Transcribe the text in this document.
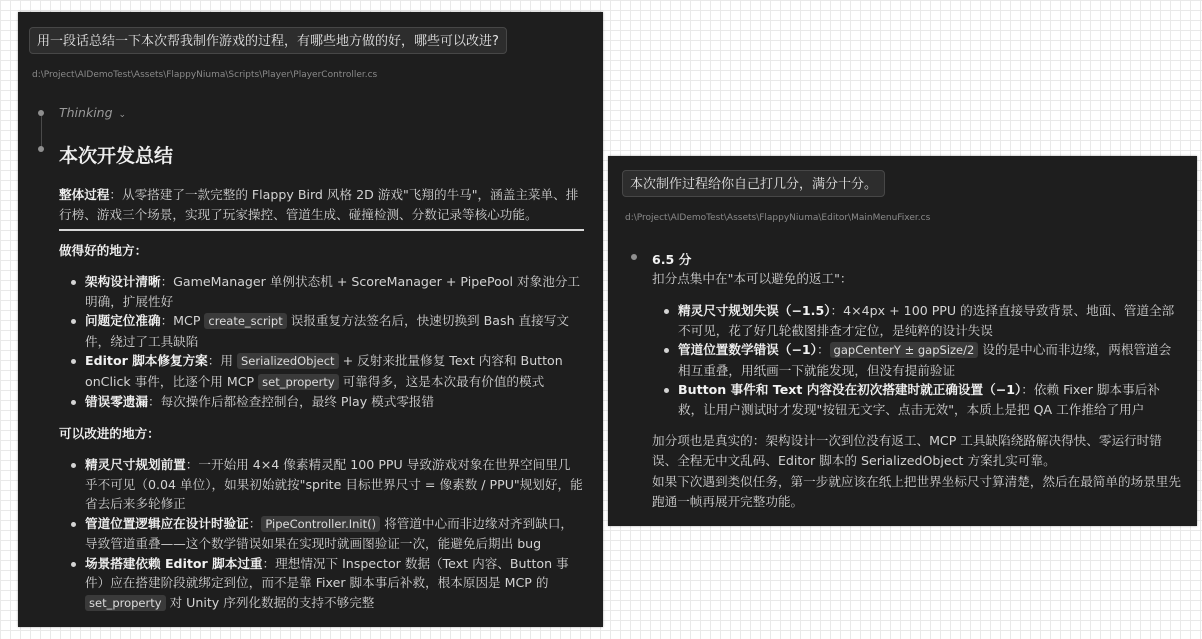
用一段话总结一下本次帮我制作游戏的过程，有哪些地方做的好，哪些可以改进?
d:\Project\AIDemoTest\Assets\FlappyNiuma\Scripts\Player\PlayerController.cs
Thinking ⌄
本次开发总结
整体过程：从零搭建了一款完整的 Flappy Bird 风格 2D 游戏"飞翔的牛马"，涵盖主菜单、排行榜、游戏三个场景，实现了玩家操控、管道生成、碰撞检测、分数记录等核心功能。
做得好的地方：
架构设计清晰：GameManager 单例状态机 + ScoreManager + PipePool 对象池分工明确，扩展性好
问题定位准确：MCP create_script 误报重复方法签名后，快速切换到 Bash 直接写文件，绕过了工具缺陷
Editor 脚本修复方案：用 SerializedObject + 反射来批量修复 Text 内容和 Button onClick 事件，比逐个用 MCP set_property 可靠得多，这是本次最有价值的模式
错误零遗漏：每次操作后都检查控制台，最终 Play 模式零报错
可以改进的地方：
精灵尺寸规划前置：一开始用 4×4 像素精灵配 100 PPU 导致游戏对象在世界空间里几乎不可见（0.04 单位），如果初始就按"sprite 目标世界尺寸 = 像素数 / PPU"规划好，能省去后来多轮修正
管道位置逻辑应在设计时验证： PipeController.Init() 将管道中心而非边缘对齐到缺口，导致管道重叠——这个数学错误如果在实现时就画图验证一次，能避免后期出 bug
场景搭建依赖 Editor 脚本过重：理想情况下 Inspector 数据（Text 内容、Button 事件）应在搭建阶段就绑定到位，而不是靠 Fixer 脚本事后补救，根本原因是 MCP 的 set_property 对 Unity 序列化数据的支持不够完整
本次制作过程给你自己打几分，满分十分。
d:\Project\AIDemoTest\Assets\FlappyNiuma\Editor\MainMenuFixer.cs
6.5 分
扣分点集中在"本可以避免的返工"：
精灵尺寸规划失误（−1.5）：4×4px + 100 PPU 的选择直接导致背景、地面、管道全部不可见，花了好几轮截图排查才定位，是纯粹的设计失误
管道位置数学错误（−1）： gapCenterY ± gapSize/2 设的是中心而非边缘，两根管道会相互重叠，用纸画一下就能发现，但没有提前验证
Button 事件和 Text 内容没在初次搭建时就正确设置（−1）：依赖 Fixer 脚本事后补救，让用户测试时才发现"按钮无文字、点击无效"，本质上是把 QA 工作推给了用户
加分项也是真实的：架构设计一次到位没有返工、MCP 工具缺陷绕路解决得快、零运行时错误、全程无中文乱码、Editor 脚本的 SerializedObject 方案扎实可靠。
如果下次遇到类似任务，第一步就应该在纸上把世界坐标尺寸算清楚，然后在最简单的场景里先跑通一帧再展开完整功能。
